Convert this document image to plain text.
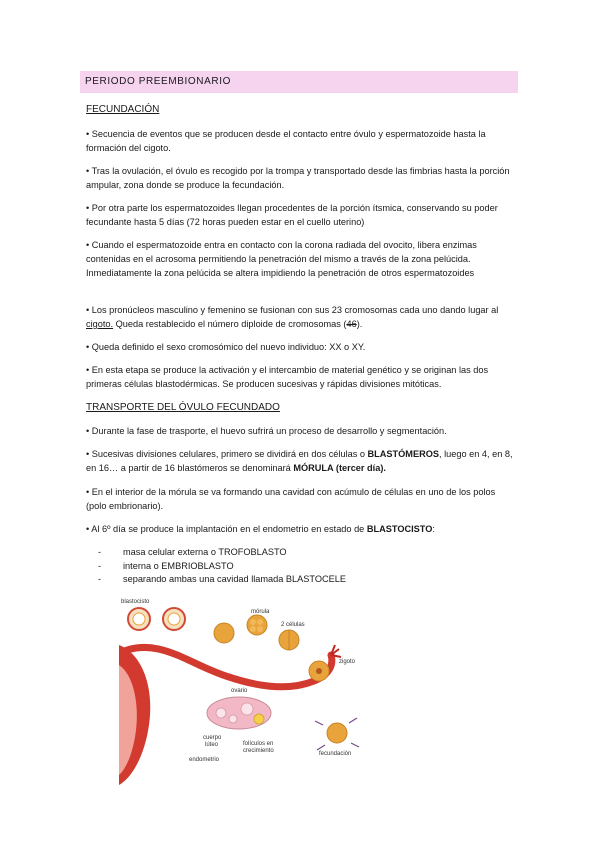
PERIODO PREEMBIONARIO
FECUNDACIÓN
• Secuencia de eventos que se producen desde el contacto entre óvulo y espermatozoide hasta la formación del cigoto.
• Tras la ovulación, el óvulo es recogido por la trompa y transportado desde las fimbrias hasta la porción ampular, zona donde se produce la fecundación.
• Por otra parte los espermatozoides llegan procedentes de la porción ítsmica, conservando su poder fecundante hasta 5 días (72 horas pueden estar en el cuello uterino)
• Cuando el espermatozoide entra en contacto con la corona radiada del ovocito, libera enzimas contenidas en el acrosoma permitiendo la penetración del mismo a través de la zona pelúcida. Inmediatamente la zona pelúcida se altera impidiendo la penetración de otros espermatozoides
• Los pronúcleos masculino y femenino se fusionan con sus 23 cromosomas cada uno dando lugar al cigoto. Queda restablecido el número diploide de cromosomas (46).
• Queda definido el sexo cromosómico del nuevo individuo: XX o XY.
• En esta etapa se produce la activación y el intercambio de material genético y se originan las dos primeras células blastodérmicas. Se producen sucesivas y rápidas divisiones mitóticas.
TRANSPORTE DEL ÓVULO FECUNDADO
• Durante la fase de trasporte, el huevo sufrirá un proceso de desarrollo y segmentación.
• Sucesivas divisiones celulares, primero se dividirá en dos células o BLASTÓMEROS, luego en 4, en 8, en 16… a partir de 16 blastómeros se denominará MÓRULA (tercer día).
• En el interior de la mórula se va formando una cavidad con acúmulo de células en uno de los polos (polo embrionario).
• Al 6º día se produce la implantación en el endometrio en estado de BLASTOCISTO:
- masa celular externa o TROFOBLASTO
- interna o EMBRIOBLASTO
- separando ambas una cavidad llamada BLASTOCELE
blastocisto
mórula
2 células
zigoto
ovario
cuerpo
lúteo	folículos en
crecimiento	fecundación
endometrio
